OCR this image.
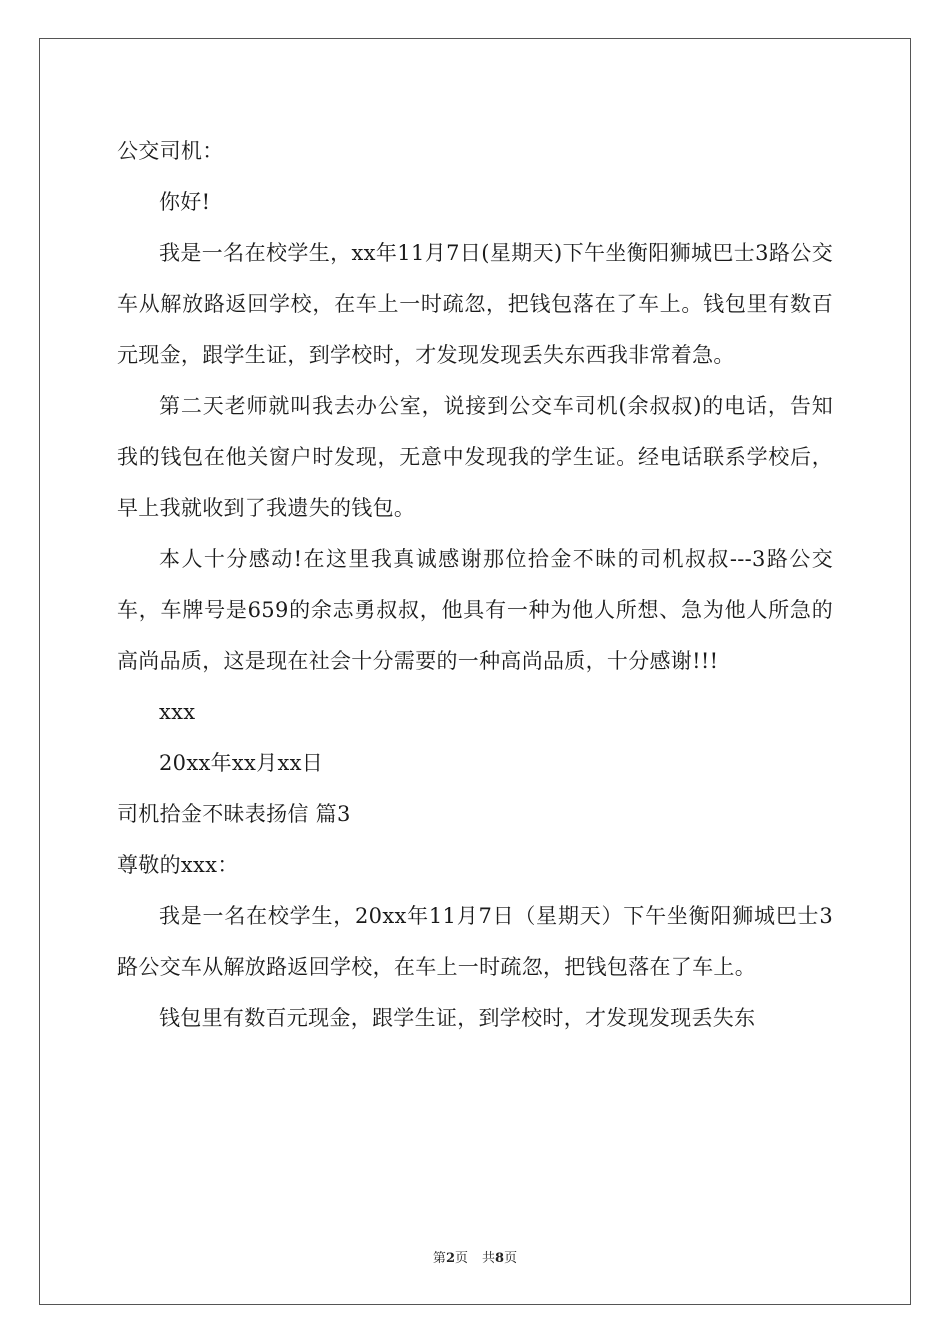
公交司机：

你好!

我是一名在校学生，xx年11月7日(星期天)下午坐衡阳狮城巴士3路公交车从解放路返回学校，在车上一时疏忽，把钱包落在了车上。钱包里有数百元现金，跟学生证，到学校时，才发现发现丢失东西我非常着急。

第二天老师就叫我去办公室，说接到公交车司机(余叔叔)的电话，告知我的钱包在他关窗户时发现，无意中发现我的学生证。经电话联系学校后，早上我就收到了我遗失的钱包。

本人十分感动!在这里我真诚感谢那位拾金不昧的司机叔叔---3路公交车，车牌号是659的余志勇叔叔，他具有一种为他人所想、急为他人所急的高尚品质，这是现在社会十分需要的一种高尚品质，十分感谢!!!

xxx

20xx年xx月xx日

司机拾金不昧表扬信 篇3

尊敬的xxx：

我是一名在校学生，20xx年11月7日（星期天）下午坐衡阳狮城巴士3路公交车从解放路返回学校，在车上一时疏忽，把钱包落在了车上。

钱包里有数百元现金，跟学生证，到学校时，才发现发现丢失东

第2页 共8页
